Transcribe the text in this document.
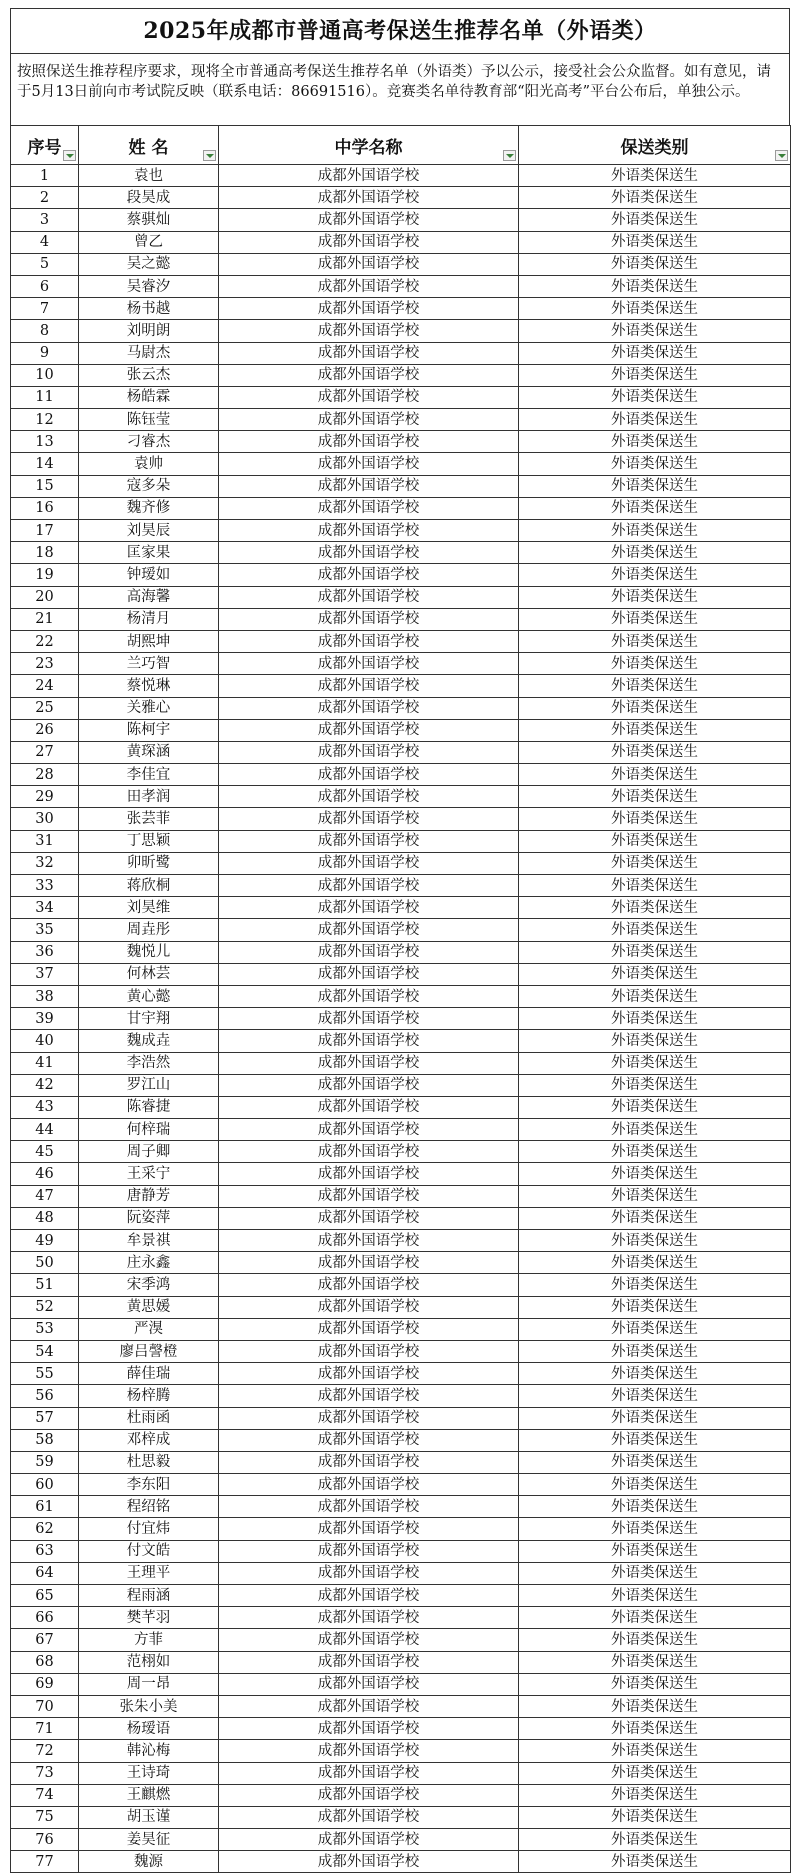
2025年成都市普通高考保送生推荐名单（外语类）
按照保送生推荐程序要求，现将全市普通高考保送生推荐名单（外语类）予以公示，接受社会公众监督。如有意见，请于5月13日前向市考试院反映（联系电话：86691516）。竞赛类名单待教育部“阳光高考”平台公布后，单独公示。
序号	姓 名	中学名称	保送类别

1	袁也	成都外国语学校	外语类保送生
2	段昊成	成都外国语学校	外语类保送生
3	蔡骐灿	成都外国语学校	外语类保送生
4	曾乙	成都外国语学校	外语类保送生
5	吴之懿	成都外国语学校	外语类保送生
6	吴睿汐	成都外国语学校	外语类保送生
7	杨书越	成都外国语学校	外语类保送生
8	刘明朗	成都外国语学校	外语类保送生
9	马尉杰	成都外国语学校	外语类保送生
10	张云杰	成都外国语学校	外语类保送生
11	杨皓霖	成都外国语学校	外语类保送生
12	陈钰莹	成都外国语学校	外语类保送生
13	刁睿杰	成都外国语学校	外语类保送生
14	袁帅	成都外国语学校	外语类保送生
15	寇多朵	成都外国语学校	外语类保送生
16	魏齐修	成都外国语学校	外语类保送生
17	刘昊辰	成都外国语学校	外语类保送生
18	匡家果	成都外国语学校	外语类保送生
19	钟瑷如	成都外国语学校	外语类保送生
20	高海馨	成都外国语学校	外语类保送生
21	杨清月	成都外国语学校	外语类保送生
22	胡熙坤	成都外国语学校	外语类保送生
23	兰巧智	成都外国语学校	外语类保送生
24	蔡悦琳	成都外国语学校	外语类保送生
25	关雅心	成都外国语学校	外语类保送生
26	陈柯宇	成都外国语学校	外语类保送生
27	黄琛涵	成都外国语学校	外语类保送生
28	李佳宜	成都外国语学校	外语类保送生
29	田孝润	成都外国语学校	外语类保送生
30	张芸菲	成都外国语学校	外语类保送生
31	丁思颖	成都外国语学校	外语类保送生
32	卯昕鹭	成都外国语学校	外语类保送生
33	蒋欣桐	成都外国语学校	外语类保送生
34	刘昊维	成都外国语学校	外语类保送生
35	周垚彤	成都外国语学校	外语类保送生
36	魏悦儿	成都外国语学校	外语类保送生
37	何林芸	成都外国语学校	外语类保送生
38	黄心懿	成都外国语学校	外语类保送生
39	甘宇翔	成都外国语学校	外语类保送生
40	魏成垚	成都外国语学校	外语类保送生
41	李浩然	成都外国语学校	外语类保送生
42	罗江山	成都外国语学校	外语类保送生
43	陈睿捷	成都外国语学校	外语类保送生
44	何梓瑞	成都外国语学校	外语类保送生
45	周子卿	成都外国语学校	外语类保送生
46	王采宁	成都外国语学校	外语类保送生
47	唐静芳	成都外国语学校	外语类保送生
48	阮姿萍	成都外国语学校	外语类保送生
49	牟景祺	成都外国语学校	外语类保送生
50	庄永鑫	成都外国语学校	外语类保送生
51	宋季鸿	成都外国语学校	外语类保送生
52	黄思媛	成都外国语学校	外语类保送生
53	严湨	成都外国语学校	外语类保送生
54	廖吕謦橙	成都外国语学校	外语类保送生
55	薛佳瑞	成都外国语学校	外语类保送生
56	杨梓腾	成都外国语学校	外语类保送生
57	杜雨函	成都外国语学校	外语类保送生
58	邓梓成	成都外国语学校	外语类保送生
59	杜思毅	成都外国语学校	外语类保送生
60	李东阳	成都外国语学校	外语类保送生
61	程绍铭	成都外国语学校	外语类保送生
62	付宜炜	成都外国语学校	外语类保送生
63	付文皓	成都外国语学校	外语类保送生
64	王理平	成都外国语学校	外语类保送生
65	程雨涵	成都外国语学校	外语类保送生
66	樊芊羽	成都外国语学校	外语类保送生
67	方菲	成都外国语学校	外语类保送生
68	范栩如	成都外国语学校	外语类保送生
69	周一昂	成都外国语学校	外语类保送生
70	张朱小美	成都外国语学校	外语类保送生
71	杨瑷语	成都外国语学校	外语类保送生
72	韩沁梅	成都外国语学校	外语类保送生
73	王诗琦	成都外国语学校	外语类保送生
74	王麒燃	成都外国语学校	外语类保送生
75	胡玉谨	成都外国语学校	外语类保送生
76	姜昊征	成都外国语学校	外语类保送生
77	魏源	成都外国语学校	外语类保送生
